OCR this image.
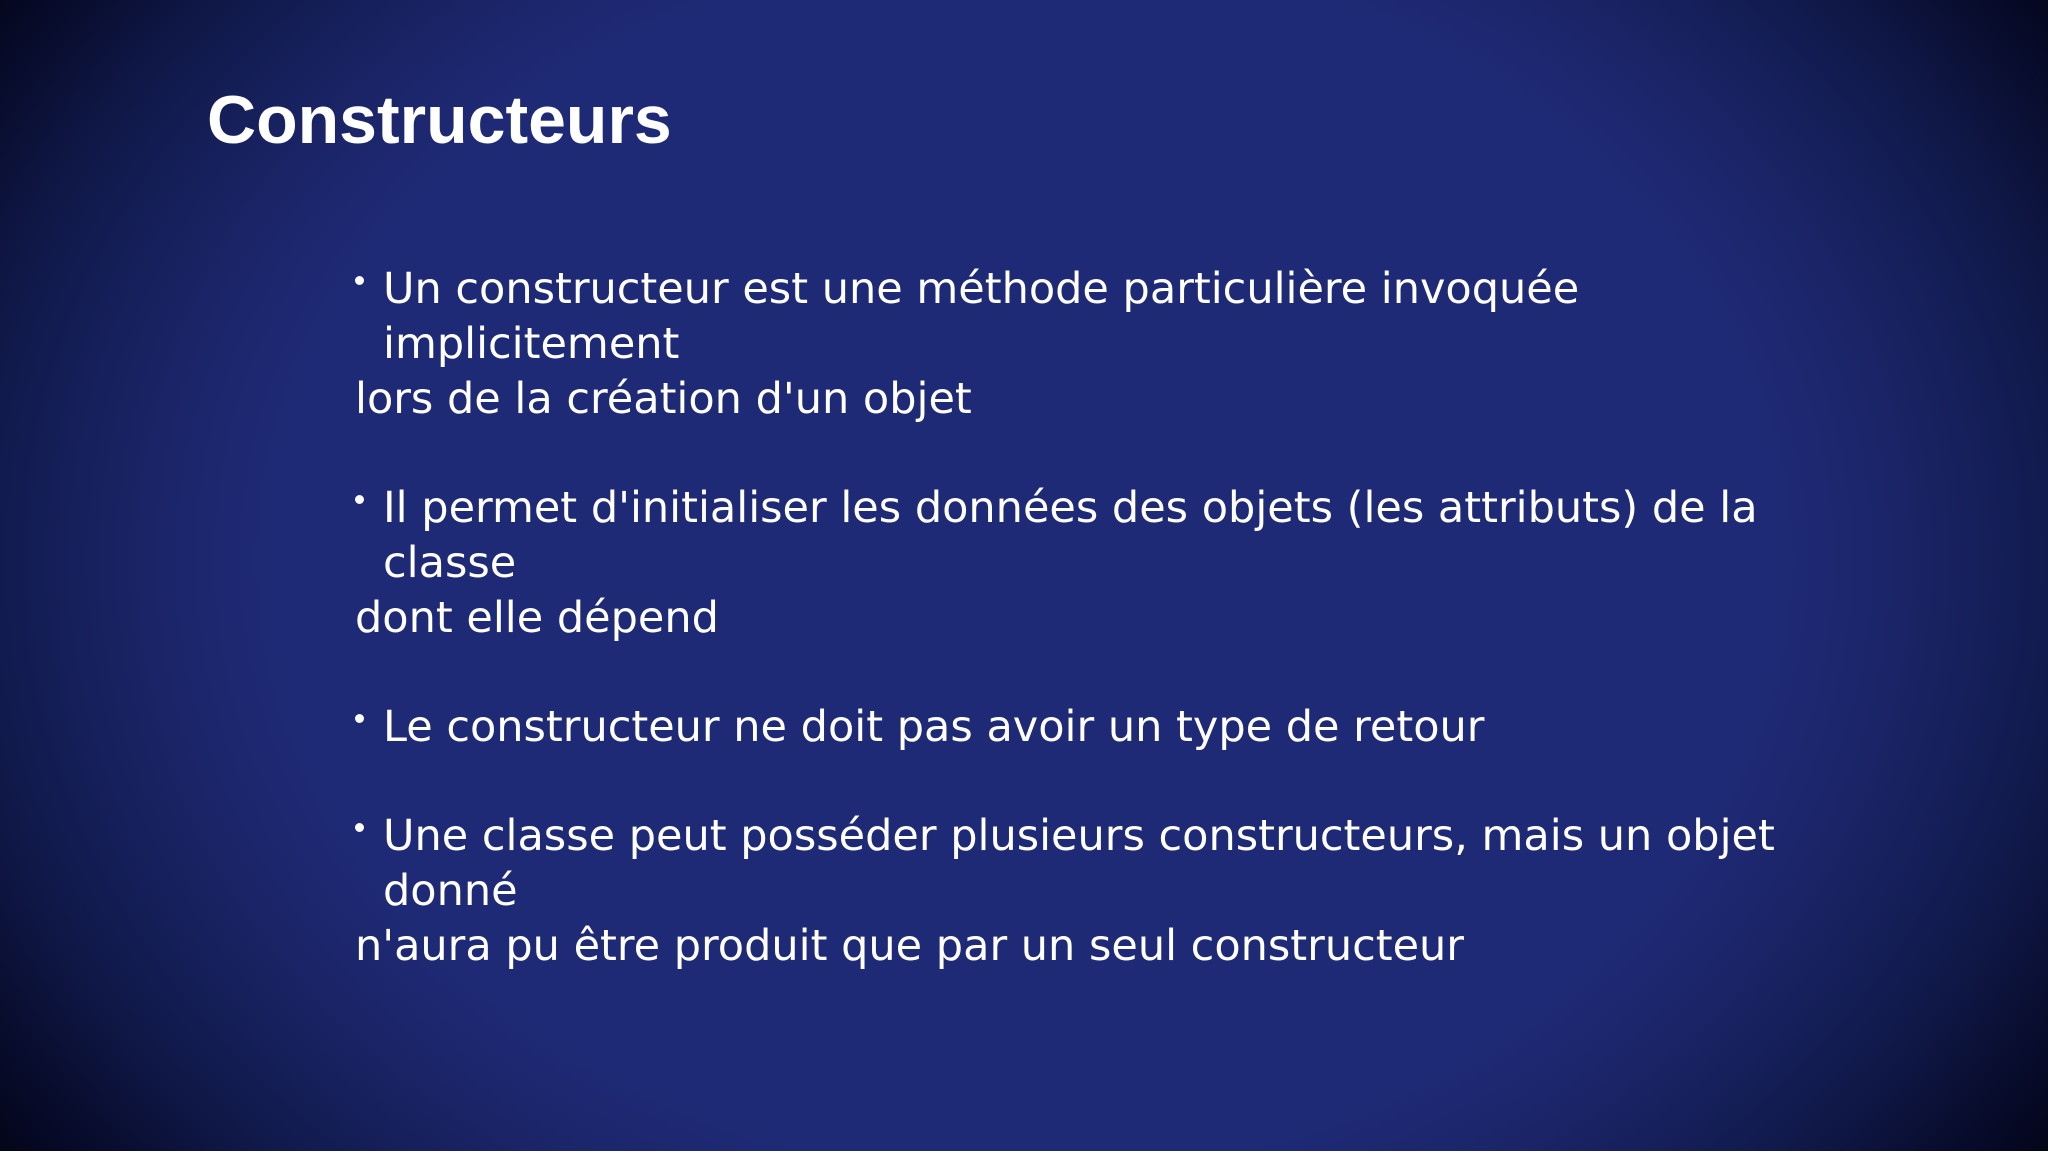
Constructeurs
Un constructeur est une méthode particulière invoquée implicitement

lors de la création d'un objet

Il permet d'initialiser les données des objets (les attributs) de la classe

dont elle dépend

Le constructeur ne doit pas avoir un type de retour
Une classe peut posséder plusieurs constructeurs, mais un objet donné

n'aura pu être produit que par un seul constructeur
